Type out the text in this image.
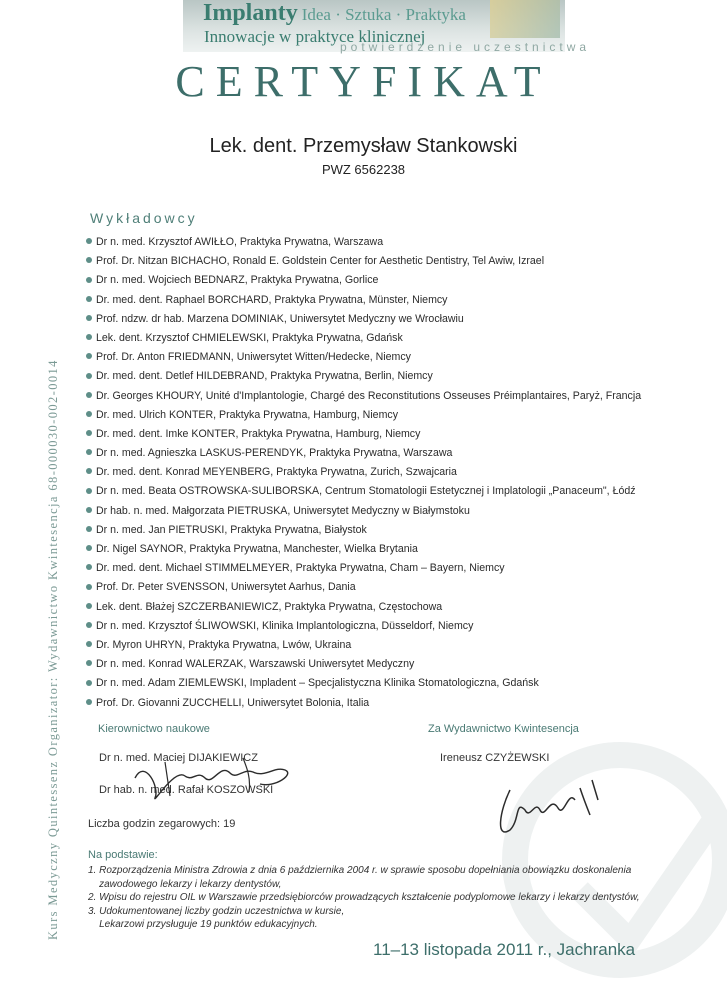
Implanty Idea · Sztuka · Praktyka
Innowacje w praktyce klinicznej
potwierdzenie uczestnictwa
CERTYFIKAT
Lek. dent. Przemysław Stankowski
PWZ 6562238
Kurs Medyczny Quintessenz Organizator: Wydawnictwo Kwintesencja 68-000030-002-0014
Wykładowcy
Dr n. med. Krzysztof AWIŁŁO, Praktyka Prywatna, Warszawa
Prof. Dr. Nitzan BICHACHO, Ronald E. Goldstein Center for Aesthetic Dentistry, Tel Awiw, Izrael
Dr n. med. Wojciech BEDNARZ, Praktyka Prywatna, Gorlice
Dr. med. dent. Raphael BORCHARD, Praktyka Prywatna, Münster, Niemcy
Prof. ndzw. dr hab. Marzena DOMINIAK, Uniwersytet Medyczny we Wrocławiu
Lek. dent. Krzysztof CHMIELEWSKI, Praktyka Prywatna, Gdańsk
Prof. Dr. Anton FRIEDMANN, Uniwersytet Witten/Hedecke, Niemcy
Dr. med. dent. Detlef HILDEBRAND, Praktyka Prywatna, Berlin, Niemcy
Dr. Georges KHOURY, Unité d'Implantologie, Chargé des Reconstitutions Osseuses Préimplantaires, Paryż, Francja
Dr. med. Ulrich KONTER, Praktyka Prywatna, Hamburg, Niemcy
Dr. med. dent. Imke KONTER, Praktyka Prywatna, Hamburg, Niemcy
Dr n. med. Agnieszka LASKUS-PERENDYK, Praktyka Prywatna, Warszawa
Dr. med. dent. Konrad MEYENBERG, Praktyka Prywatna, Zurich, Szwajcaria
Dr n. med. Beata OSTROWSKA-SULIBORSKA, Centrum Stomatologii Estetycznej i Implatologii „Panaceum", Łódź
Dr hab. n. med. Małgorzata PIETRUSKA, Uniwersytet Medyczny w Białymstoku
Dr n. med. Jan PIETRUSKI, Praktyka Prywatna, Białystok
Dr. Nigel SAYNOR, Praktyka Prywatna, Manchester, Wielka Brytania
Dr. med. dent. Michael STIMMELMEYER, Praktyka Prywatna, Cham – Bayern, Niemcy
Prof. Dr. Peter SVENSSON, Uniwersytet Aarhus, Dania
Lek. dent. Błażej SZCZERBANIEWICZ, Praktyka Prywatna, Częstochowa
Dr n. med. Krzysztof ŚLIWOWSKI, Klinika Implantologiczna, Düsseldorf, Niemcy
Dr. Myron UHRYN, Praktyka Prywatna, Lwów, Ukraina
Dr n. med. Konrad WALERZAK, Warszawski Uniwersytet Medyczny
Dr n. med. Adam ZIEMLEWSKI, Impladent – Specjalistyczna Klinika Stomatologiczna, Gdańsk
Prof. Dr. Giovanni ZUCCHELLI, Uniwersytet Bolonia, Italia
Kierownictwo naukowe
Dr n. med. Maciej DIJAKIEWICZ
Dr hab. n. med. Rafał KOSZOWSKI
Za Wydawnictwo Kwintesencja
Ireneusz CZYŻEWSKI
Liczba godzin zegarowych: 19
Na podstawie:
1. Rozporządzenia Ministra Zdrowia z dnia 6 października 2004 r. w sprawie sposobu dopełniania obowiązku doskonalenia
zawodowego lekarzy i lekarzy dentystów,
2. Wpisu do rejestru OIL w Warszawie przedsiębiorców prowadzących kształcenie podyplomowe lekarzy i lekarzy dentystów,
3. Udokumentowanej liczby godzin uczestnictwa w kursie,
Lekarzowi przysługuje 19 punktów edukacyjnych.
11–13 listopada 2011 r., Jachranka
